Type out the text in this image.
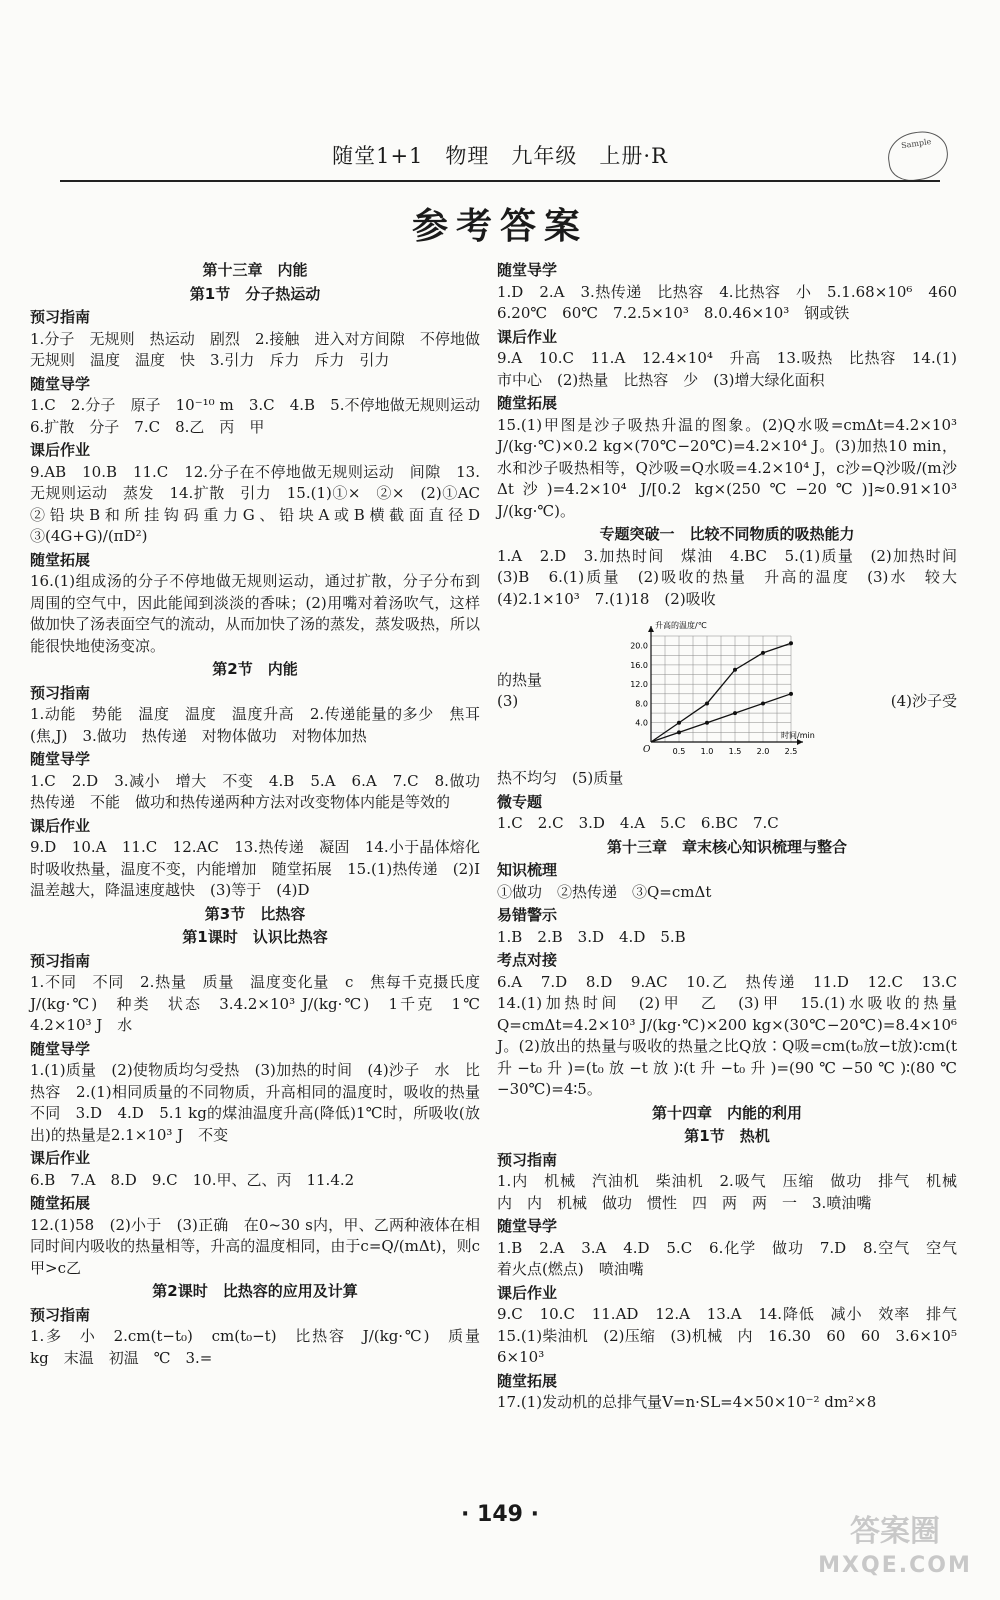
随堂1+1　物理　九年级　上册·R
Sample
参考答案
第十三章　内能
第1节　分子热运动
预习指南
1.分子　无规则　热运动　剧烈　2.接触　进入对方间隙　不停地做无规则　温度　温度　快　3.引力　斥力　斥力　引力
随堂导学
1.C　2.分子　原子　10⁻¹⁰ m　3.C　4.B　5.不停地做无规则运动　6.扩散　分子　7.C　8.乙　丙　甲
课后作业
9.AB　10.B　11.C　12.分子在不停地做无规则运动　间隙　13.无规则运动　蒸发　14.扩散　引力　15.(1)①×　②×　(2)①AC　②铅块B和所挂钩码重力G、铅块A或B横截面直径D　③(4G+G)/(πD²)
随堂拓展
16.(1)组成汤的分子不停地做无规则运动，通过扩散，分子分布到周围的空气中，因此能闻到淡淡的香味；(2)用嘴对着汤吹气，这样做加快了汤表面空气的流动，从而加快了汤的蒸发，蒸发吸热，所以能很快地使汤变凉。
第2节　内能
预习指南
1.动能　势能　温度　温度　温度升高　2.传递能量的多少　焦耳(焦,J)　3.做功　热传递　对物体做功　对物体加热
随堂导学
1.C　2.D　3.减小　增大　不变　4.B　5.A　6.A　7.C　8.做功　热传递　不能　做功和热传递两种方法对改变物体内能是等效的
课后作业
9.D　10.A　11.C　12.AC　13.热传递　凝固　14.小于晶体熔化时吸收热量，温度不变，内能增加　随堂拓展　15.(1)热传递　(2)Ⅰ　温差越大，降温速度越快　(3)等于　(4)D
第3节　比热容
第1课时　认识比热容
预习指南
1.不同　不同　2.热量　质量　温度变化量　c　焦每千克摄氏度　J/(kg·℃)　种类　状态　3.4.2×10³ J/(kg·℃)　1千克　1℃　4.2×10³ J　水
随堂导学
1.(1)质量　(2)使物质均匀受热　(3)加热的时间　(4)沙子　水　比热容　2.(1)相同质量的不同物质，升高相同的温度时，吸收的热量不同　3.D　4.D　5.1 kg的煤油温度升高(降低)1℃时，所吸收(放出)的热量是2.1×10³ J　不变
课后作业
6.B　7.A　8.D　9.C　10.甲、乙、丙　11.4.2
随堂拓展
12.(1)58　(2)小于　(3)正确　在0~30 s内，甲、乙两种液体在相同时间内吸收的热量相等，升高的温度相同，由于c=Q/(mΔt)，则c甲>c乙
第2课时　比热容的应用及计算
预习指南
1.多　小　2.cm(t−t₀)　cm(t₀−t)　比热容　J/(kg·℃)　质量　kg　末温　初温　℃　3.=
随堂导学
1.D　2.A　3.热传递　比热容　4.比热容　小　5.1.68×10⁶　460　6.20℃　60℃　7.2.5×10³　8.0.46×10³　钢或铁
课后作业
9.A　10.C　11.A　12.4×10⁴　升高　13.吸热　比热容　14.(1)市中心　(2)热量　比热容　少　(3)增大绿化面积
随堂拓展
15.(1)甲图是沙子吸热升温的图象。(2)Q水吸=cmΔt=4.2×10³ J/(kg·℃)×0.2 kg×(70℃−20℃)=4.2×10⁴ J。(3)加热10 min，水和沙子吸热相等，Q沙吸=Q水吸=4.2×10⁴ J，c沙=Q沙吸/(m沙Δt沙)=4.2×10⁴ J/[0.2 kg×(250℃−20℃)]≈0.91×10³ J/(kg·℃)。
专题突破一　比较不同物质的吸热能力
1.A　2.D　3.加热时间　煤油　4.BC　5.(1)质量　(2)加热时间　(3)B　6.(1)质量　(2)吸收的热量　升高的温度　(3)水　较大　(4)2.1×10³　7.(1)18　(2)吸收
的热量　(3)
0.5 1.0 1.5 2.0 2.5
4.0
8.0
12.0
16.0
20.0
O
升高的温度/℃
时间/min
(4)沙子受
热不均匀　(5)质量
微专题
1.C　2.C　3.D　4.A　5.C　6.BC　7.C
第十三章　章末核心知识梳理与整合
知识梳理
①做功　②热传递　③Q=cmΔt
易错警示
1.B　2.B　3.D　4.D　5.B
考点对接
6.A　7.D　8.D　9.AC　10.乙　热传递　11.D　12.C　13.C　14.(1)加热时间　(2)甲　乙　(3)甲　15.(1)水吸收的热量Q=cmΔt=4.2×10³ J/(kg·℃)×200 kg×(30℃−20℃)=8.4×10⁶ J。(2)放出的热量与吸收的热量之比Q放∶Q吸=cm(t₀放−t放)∶cm(t升−t₀升)=(t₀放−t放)∶(t升−t₀升)=(90℃−50℃)∶(80℃−30℃)=4∶5。
第十四章　内能的利用
第1节　热机
预习指南
1.内　机械　汽油机　柴油机　2.吸气　压缩　做功　排气　机械　内　内　机械　做功　惯性　四　两　两　一　3.喷油嘴
随堂导学
1.B　2.A　3.A　4.D　5.C　6.化学　做功　7.D　8.空气　空气　着火点(燃点)　喷油嘴
课后作业
9.C　10.C　11.AD　12.A　13.A　14.降低　减小　效率　排气　15.(1)柴油机　(2)压缩　(3)机械　内　16.30　60　60　3.6×10⁵　6×10³
随堂拓展
17.(1)发动机的总排气量V=n·SL=4×50×10⁻² dm²×8
· 149 ·	答案圈
MXQE.COM
